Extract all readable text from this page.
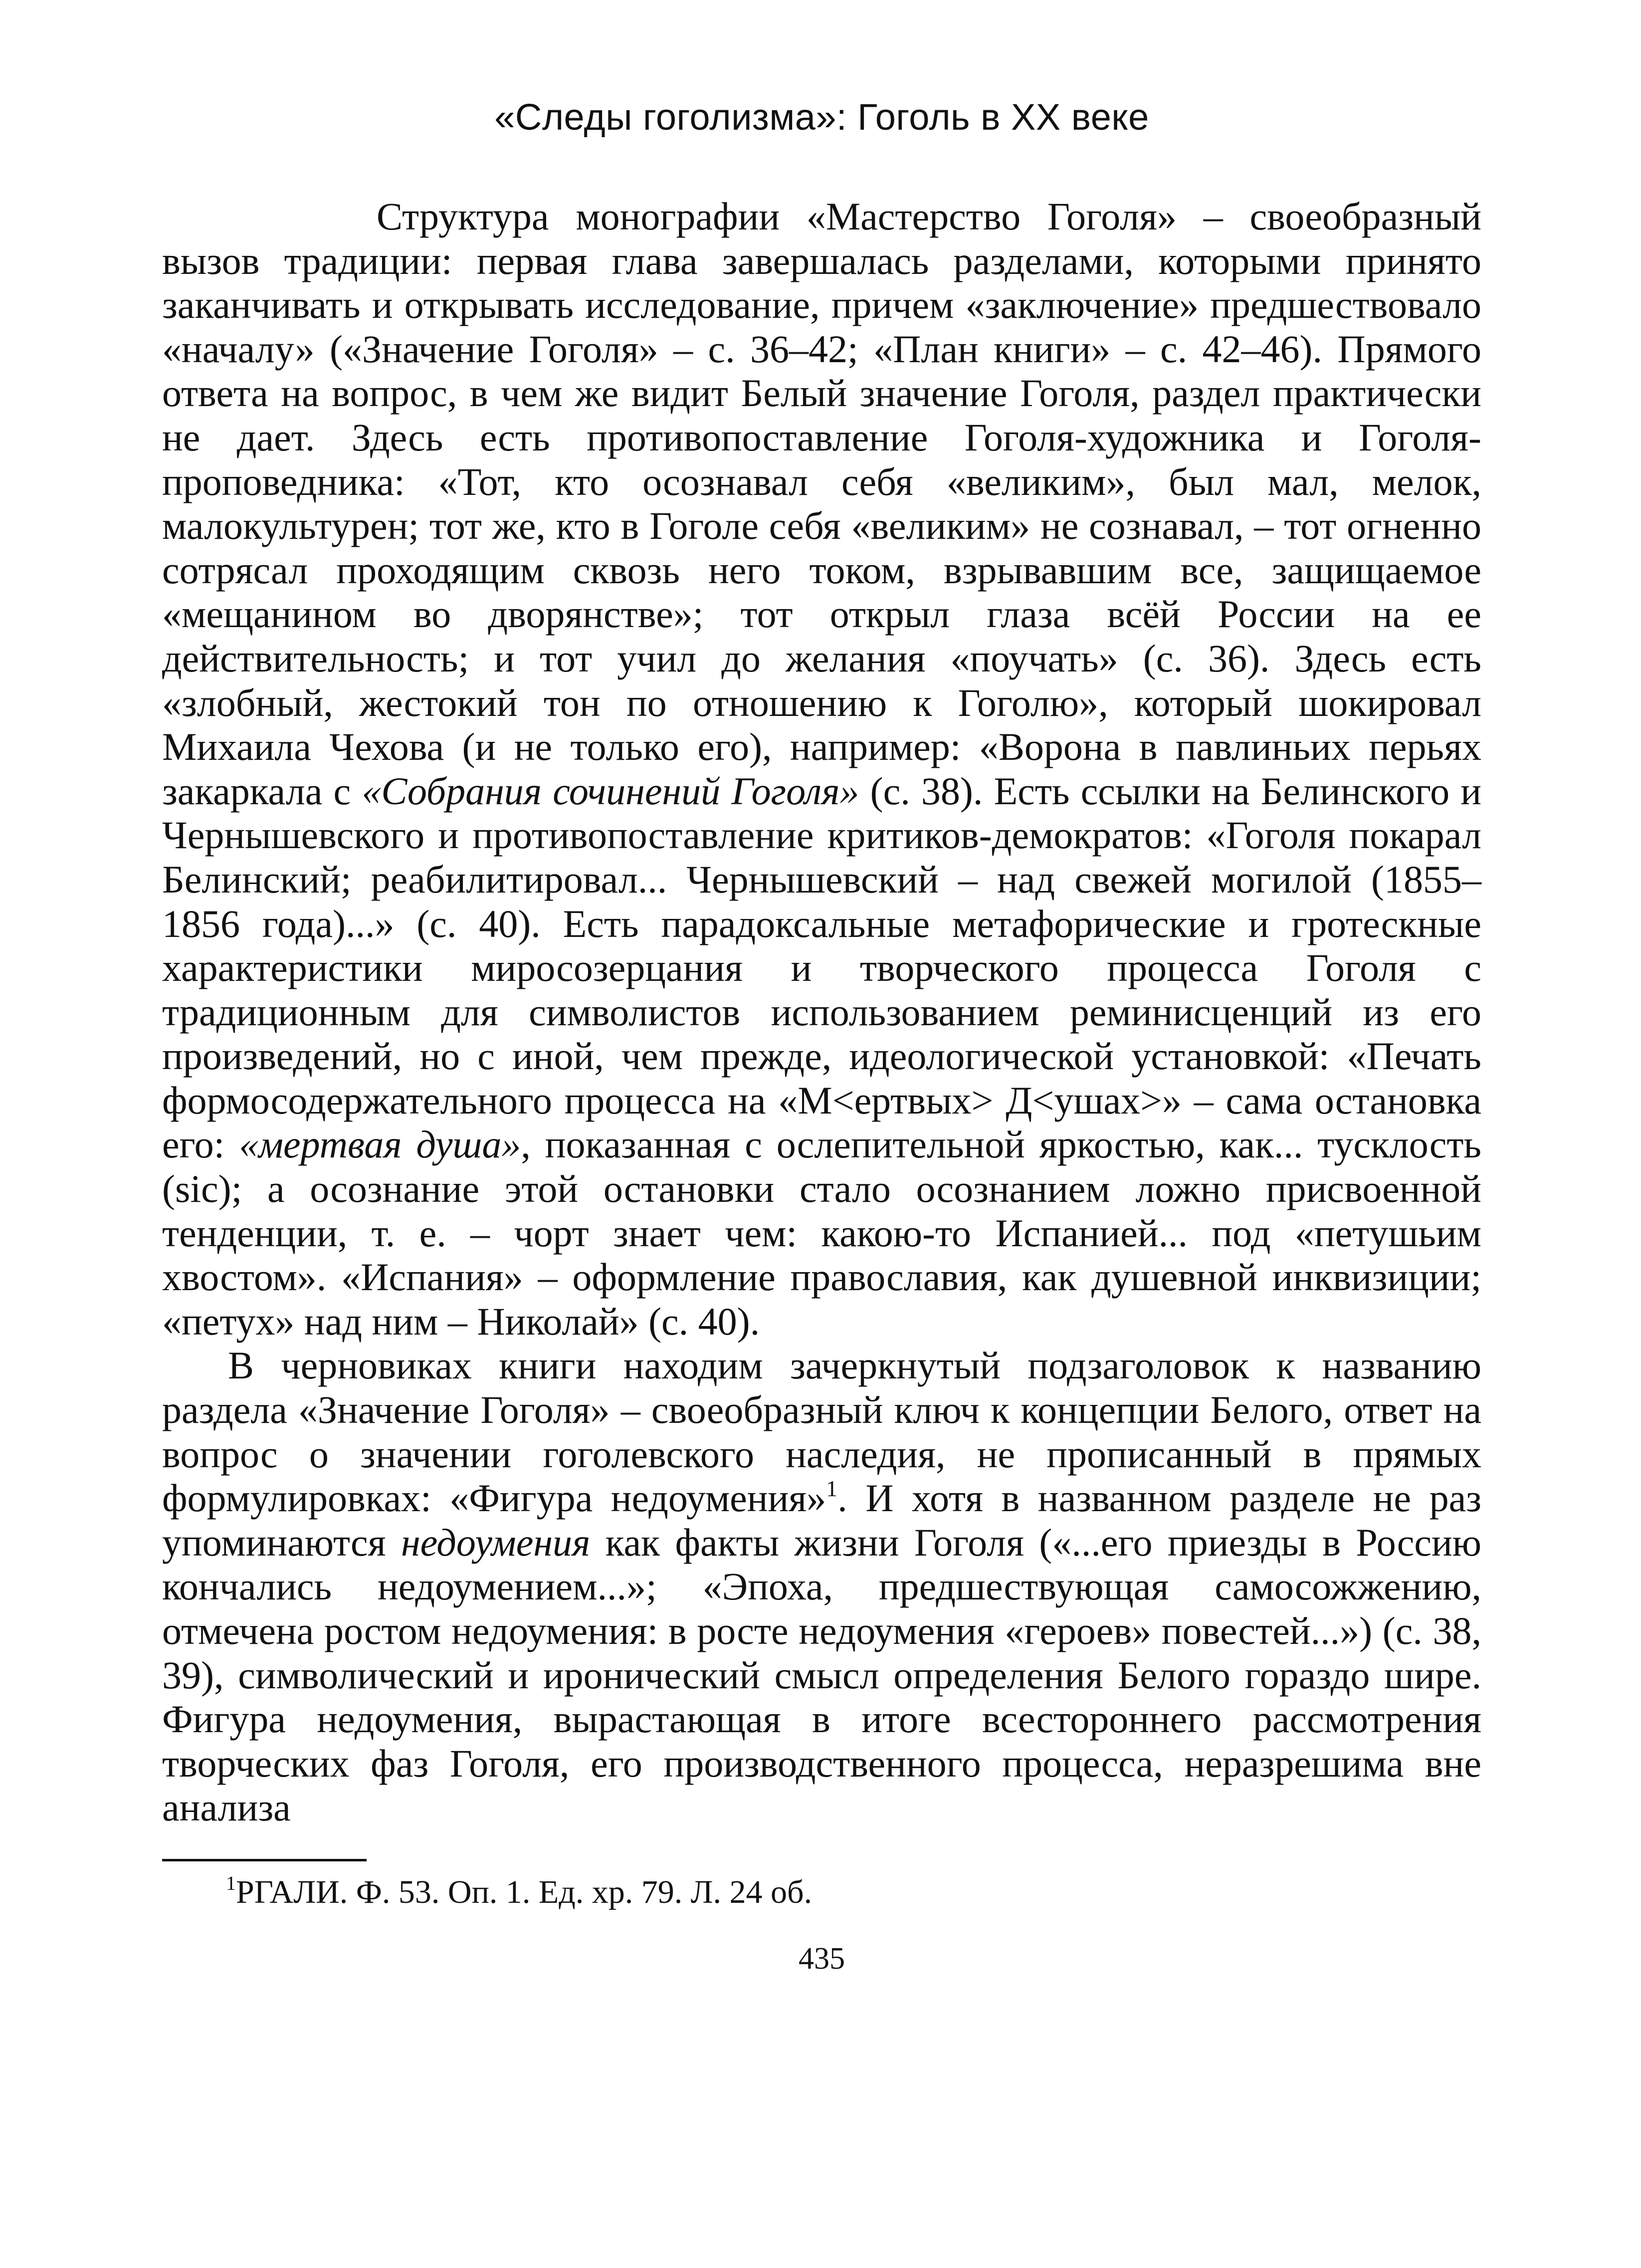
«Следы гоголизма»: Гоголь в XX веке

Структура монографии «Мастерство Гоголя» – своеобразный вызов традиции: первая глава завершалась разделами, которыми принято заканчивать и открывать исследование, причем «заключение» предшествовало «началу» («Значение Гоголя» – с. 36–42; «План книги» – с. 42–46). Прямого ответа на вопрос, в чем же видит Белый значение Гоголя, раздел практически не дает. Здесь есть противопоставление Гоголя-художника и Гоголя-проповедника: «Тот, кто осознавал себя «великим», был мал, мелок, малокультурен; тот же, кто в Гоголе себя «великим» не сознавал, – тот огненно сотрясал проходящим сквозь него током, взрывавшим все, защищаемое «мещанином во дворянстве»; тот открыл глаза всёй России на ее действительность; и тот учил до желания «поучать» (с. 36). Здесь есть «злобный, жестокий тон по отношению к Гоголю», который шокировал Михаила Чехова (и не только его), например: «Ворона в павлиньих перьях закаркала с «Собрания сочинений Гоголя» (с. 38). Есть ссылки на Белинского и Чернышевского и противопоставление критиков-демократов: «Гоголя покарал Белинский; реабилитировал... Чернышевский – над свежей могилой (1855–1856 года)...» (с. 40). Есть парадоксальные метафорические и гротескные характеристики миросозерцания и творческого процесса Гоголя с традиционным для символистов использованием реминисценций из его произведений, но с иной, чем прежде, идеологической установкой: «Печать формосодержательного процесса на «М<ертвых> Д<ушах>» – сама остановка его: «мертвая душа», показанная с ослепительной яркостью, как... тусклость (sic); а осознание этой остановки стало осознанием ложно присвоенной тенденции, т. е. – чорт знает чем: какою-то Испанией... под «петушьим хвостом». «Испания» – оформление православия, как душевной инквизиции; «петух» над ним – Николай» (с. 40).

В черновиках книги находим зачеркнутый подзаголовок к названию раздела «Значение Гоголя» – своеобразный ключ к концепции Белого, ответ на вопрос о значении гоголевского наследия, не прописанный в прямых формулировках: «Фигура недоумения»$^1$. И хотя в названном разделе не раз упоминаются недоумения как факты жизни Гоголя («...его приезды в Россию кончались недоумением...»; «Эпоха, предшествующая самосожжению, отмечена ростом недоумения: в росте недоумения «героев» повестей...») (с. 38, 39), символический и иронический смысл определения Белого гораздо шире. Фигура недоумения, вырастающая в итоге всестороннего рассмотрения творческих фаз Гоголя, его производственного процесса, неразрешима вне анализа

$^1$РГАЛИ. Ф. 53. Оп. 1. Ед. хр. 79. Л. 24 об.
435
